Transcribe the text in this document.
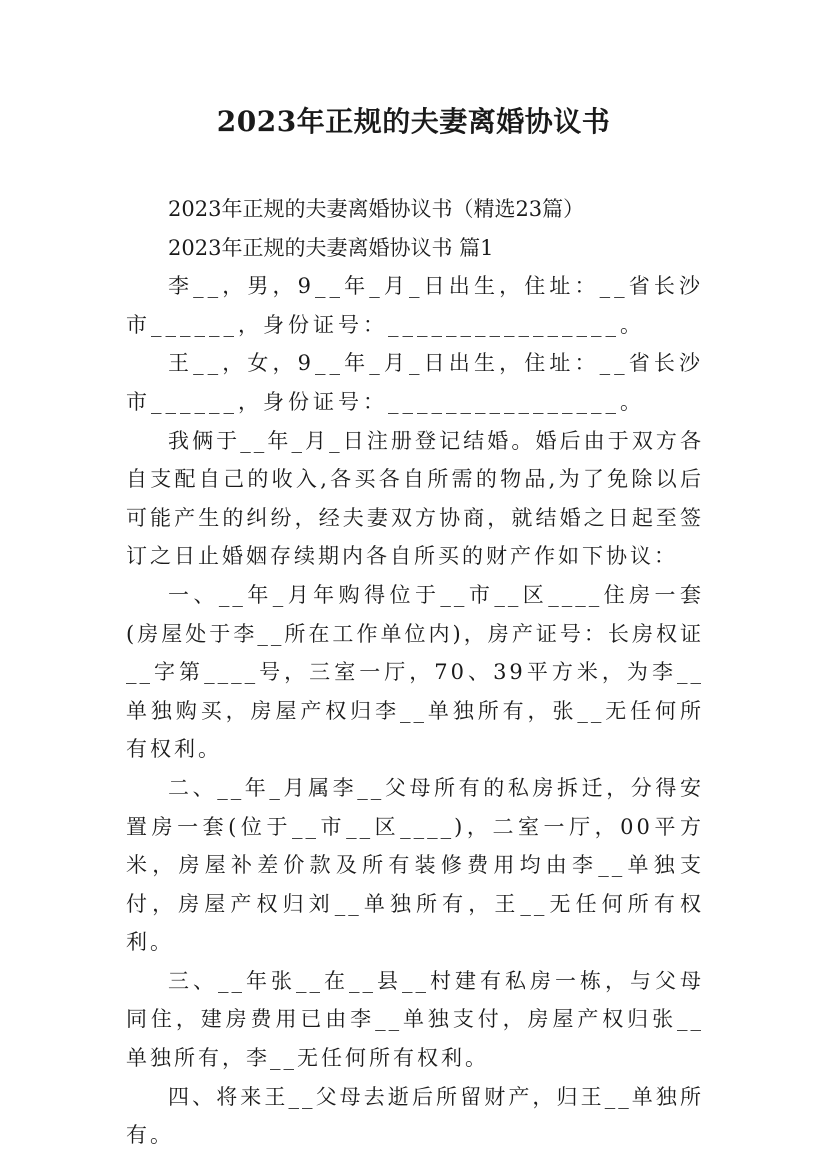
2023年正规的夫妻离婚协议书

2023年正规的夫妻离婚协议书（精选23篇）

2023年正规的夫妻离婚协议书 篇1

李__，男，9__年_月_日出生，住址：__省长沙市______，身份证号：________________。

王__，女，9__年_月_日出生，住址：__省长沙市______，身份证号：________________。

我俩于__年_月_日注册登记结婚。婚后由于双方各自支配自己的收入,各买各自所需的物品,为了免除以后可能产生的纠纷，经夫妻双方协商，就结婚之日起至签订之日止婚姻存续期内各自所买的财产作如下协议：

一、__年_月年购得位于__市__区____住房一套(房屋处于李__所在工作单位内)，房产证号：长房权证__字第____号，三室一厅，70、39平方米，为李__单独购买，房屋产权归李__单独所有，张__无任何所有权利。

二、__年_月属李__父母所有的私房拆迁，分得安置房一套(位于__市__区____)，二室一厅，00平方米，房屋补差价款及所有装修费用均由李__单独支付，房屋产权归刘__单独所有，王__无任何所有权利。

三、__年张__在__县__村建有私房一栋，与父母同住，建房费用已由李__单独支付，房屋产权归张__单独所有，李__无任何所有权利。

四、将来王__父母去逝后所留财产，归王__单独所有。
